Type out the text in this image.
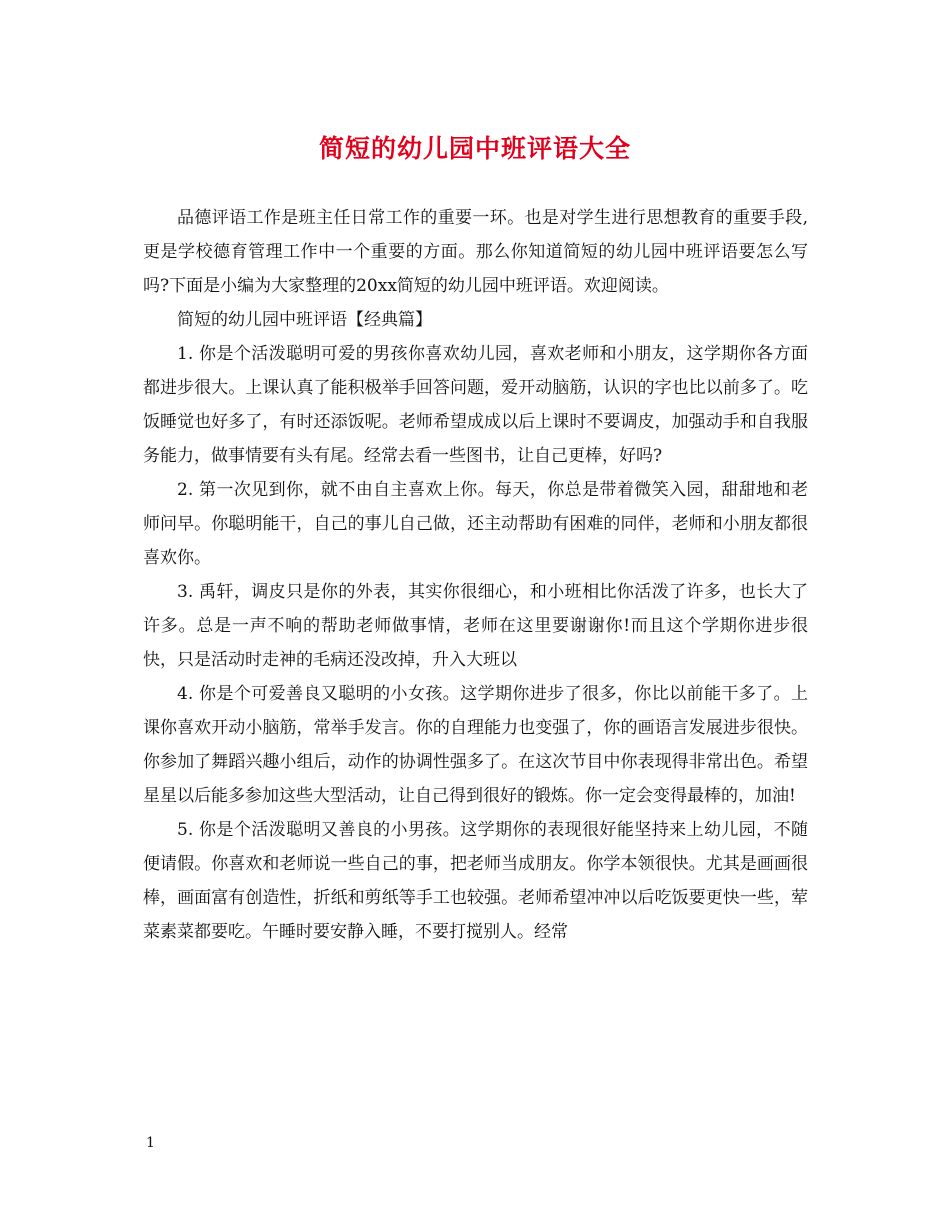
简短的幼儿园中班评语大全

品德评语工作是班主任日常工作的重要一环。也是对学生进行思想教育的重要手段,更是学校德育管理工作中一个重要的方面。那么你知道简短的幼儿园中班评语要怎么写吗?下面是小编为大家整理的20xx简短的幼儿园中班评语。欢迎阅读。

简短的幼儿园中班评语【经典篇】

1. 你是个活泼聪明可爱的男孩你喜欢幼儿园，喜欢老师和小朋友，这学期你各方面都进步很大。上课认真了能积极举手回答问题，爱开动脑筋，认识的字也比以前多了。吃饭睡觉也好多了，有时还添饭呢。老师希望成成以后上课时不要调皮，加强动手和自我服务能力，做事情要有头有尾。经常去看一些图书，让自己更棒，好吗?

2. 第一次见到你，就不由自主喜欢上你。每天，你总是带着微笑入园，甜甜地和老师问早。你聪明能干，自己的事儿自己做，还主动帮助有困难的同伴，老师和小朋友都很喜欢你。

3. 禹轩，调皮只是你的外表，其实你很细心，和小班相比你活泼了许多，也长大了许多。总是一声不响的帮助老师做事情，老师在这里要谢谢你!而且这个学期你进步很快，只是活动时走神的毛病还没改掉，升入大班以

4. 你是个可爱善良又聪明的小女孩。这学期你进步了很多，你比以前能干多了。上课你喜欢开动小脑筋，常举手发言。你的自理能力也变强了，你的画语言发展进步很快。你参加了舞蹈兴趣小组后，动作的协调性强多了。在这次节目中你表现得非常出色。希望星星以后能多参加这些大型活动，让自己得到很好的锻炼。你一定会变得最棒的，加油!

5. 你是个活泼聪明又善良的小男孩。这学期你的表现很好能坚持来上幼儿园，不随便请假。你喜欢和老师说一些自己的事，把老师当成朋友。你学本领很快。尤其是画画很棒，画面富有创造性，折纸和剪纸等手工也较强。老师希望冲冲以后吃饭要更快一些，荤菜素菜都要吃。午睡时要安静入睡，不要打搅别人。经常

1
